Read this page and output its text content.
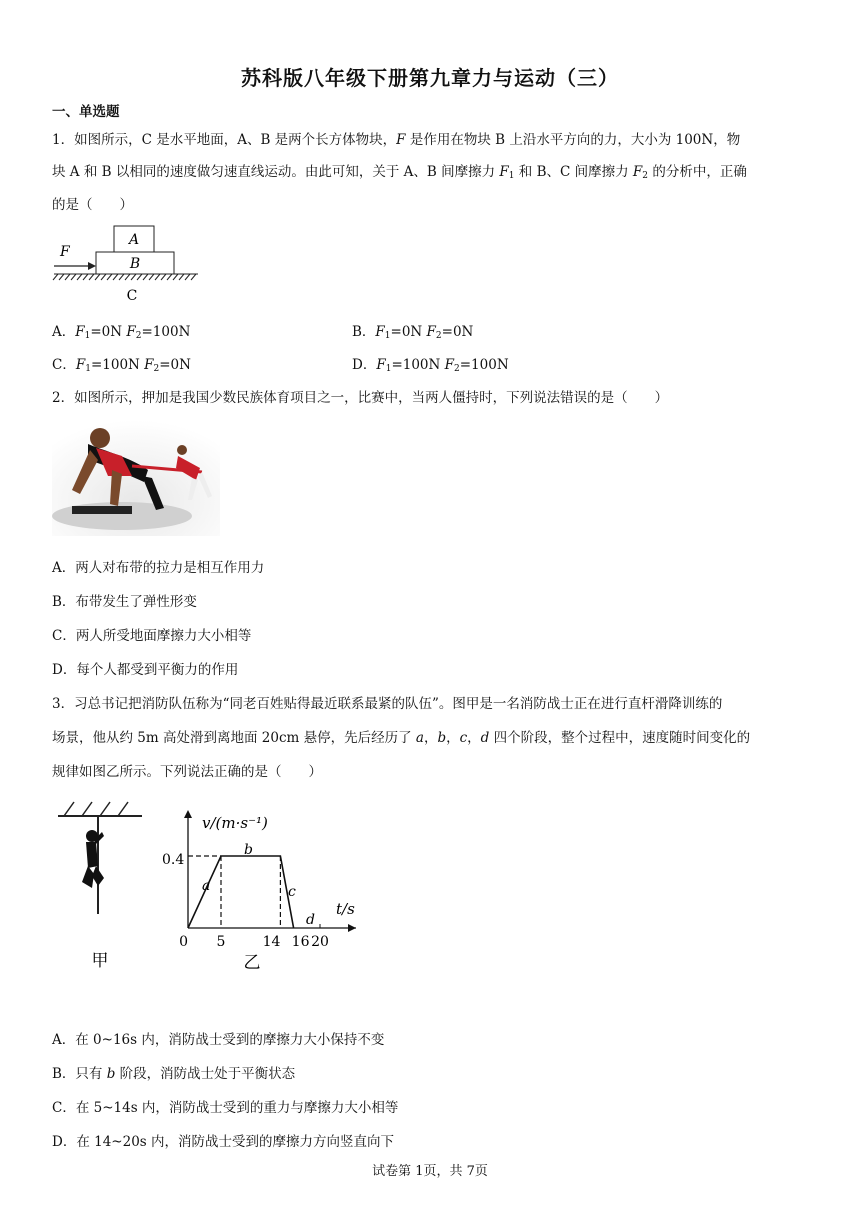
苏科版八年级下册第九章力与运动（三）
一、单选题
1．如图所示，C 是水平地面，A、B 是两个长方体物块，F 是作用在物块 B 上沿水平方向的力，大小为 100N，物
块 A 和 B 以相同的速度做匀速直线运动。由此可知，关于 A、B 间摩擦力 $F_1$ 和 B、C 间摩擦力 $F_2$ 的分析中，正确
的是（　　）
A
B
C
F
A．$F_1=0N$ $F_2=100N$	B．$F_1=0N$ $F_2=0N$
C．$F_1=100N$ $F_2=0N$	D．$F_1=100N$ $F_2=100N$
2．如图所示，押加是我国少数民族体育项目之一，比赛中，当两人僵持时，下列说法错误的是（　　）
A．两人对布带的拉力是相互作用力
B．布带发生了弹性形变
C．两人所受地面摩擦力大小相等
D．每个人都受到平衡力的作用
3．习总书记把消防队伍称为“同老百姓贴得最近联系最紧的队伍”。图甲是一名消防战士正在进行直杆滑降训练的
场景，他从约 5m 高处滑到离地面 20cm 悬停，先后经历了 a，b，c，d 四个阶段，整个过程中，速度随时间变化的
规律如图乙所示。下列说法正确的是（　　）
甲
v/(m·s⁻¹)
t/s
0.4
0 5	14 16 20
a
b
c
d
乙
A．在 0~16s 内，消防战士受到的摩擦力大小保持不变
B．只有 b 阶段，消防战士处于平衡状态
C．在 5~14s 内，消防战士受到的重力与摩擦力大小相等
D．在 14~20s 内，消防战士受到的摩擦力方向竖直向下
试卷第 1页，共 7页
